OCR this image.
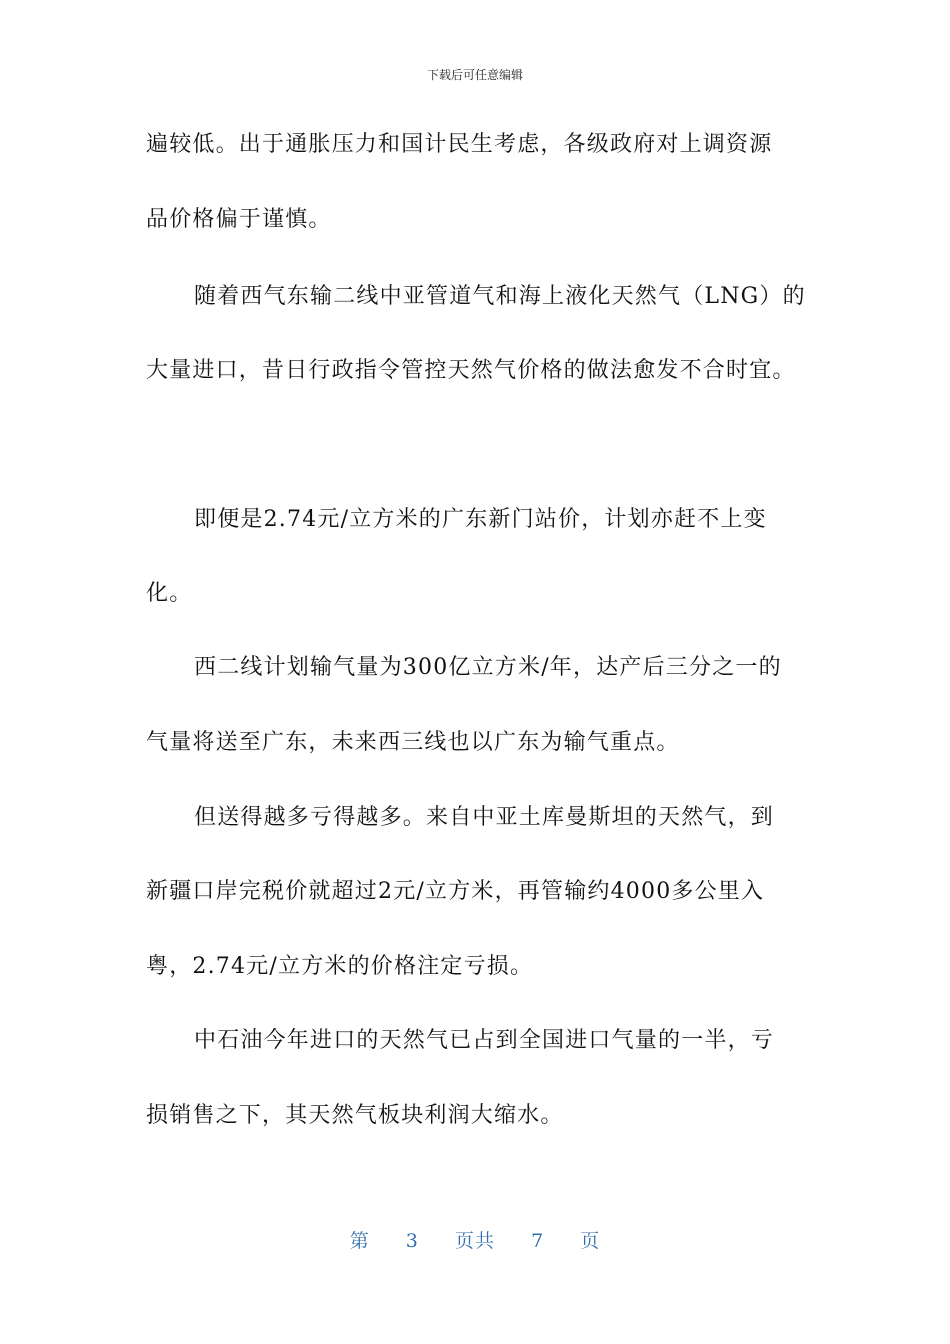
下载后可任意编辑
遍较低。出于通胀压力和国计民生考虑，各级政府对上调资源
品价格偏于谨慎。
随着西气东输二线中亚管道气和海上液化天然气（LNG）的
大量进口，昔日行政指令管控天然气价格的做法愈发不合时宜。
即便是2.74元/立方米的广东新门站价，计划亦赶不上变
化。
西二线计划输气量为300亿立方米/年，达产后三分之一的
气量将送至广东，未来西三线也以广东为输气重点。
但送得越多亏得越多。来自中亚土库曼斯坦的天然气，到
新疆口岸完税价就超过2元/立方米，再管输约4000多公里入
粤，2.74元/立方米的价格注定亏损。
中石油今年进口的天然气已占到全国进口气量的一半，亏
损销售之下，其天然气板块利润大缩水。
第 3 页共 7 页
